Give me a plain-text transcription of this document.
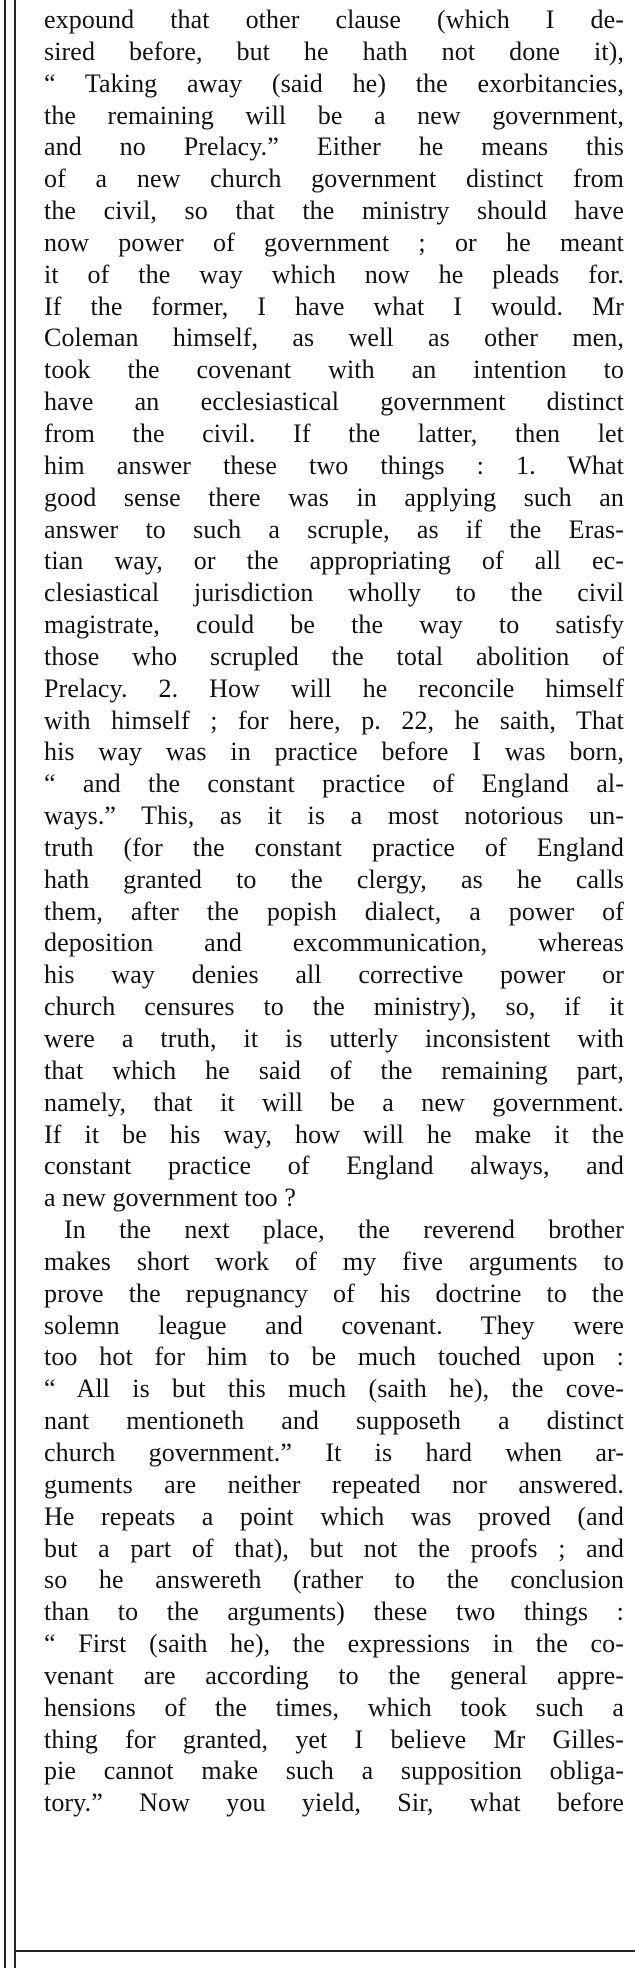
expound that other clause (which I de-
sired before, but he hath not done it),
“ Taking away (said he) the exorbitancies,
the remaining will be a new government,
and no Prelacy.” Either he means this
of a new church government distinct from
the civil, so that the ministry should have
now power of government ; or he meant
it of the way which now he pleads for.
If the former, I have what I would. Mr
Coleman himself, as well as other men,
took the covenant with an intention to
have an ecclesiastical government distinct
from the civil. If the latter, then let
him answer these two things : 1. What
good sense there was in applying such an
answer to such a scruple, as if the Eras-
tian way, or the appropriating of all ec-
clesiastical jurisdiction wholly to the civil
magistrate, could be the way to satisfy
those who scrupled the total abolition of
Prelacy. 2. How will he reconcile himself
with himself ; for here, p. 22, he saith, That
his way was in practice before I was born,
“ and the constant practice of England al-
ways.” This, as it is a most notorious un-
truth (for the constant practice of England
hath granted to the clergy, as he calls
them, after the popish dialect, a power of
deposition and excommunication, whereas
his way denies all corrective power or
church censures to the ministry), so, if it
were a truth, it is utterly inconsistent with
that which he said of the remaining part,
namely, that it will be a new government.
If it be his way, how will he make it the
constant practice of England always, and
a new government too ?
In the next place, the reverend brother
makes short work of my five arguments to
prove the repugnancy of his doctrine to the
solemn league and covenant. They were
too hot for him to be much touched upon :
“ All is but this much (saith he), the cove-
nant mentioneth and supposeth a distinct
church government.” It is hard when ar-
guments are neither repeated nor answered.
He repeats a point which was proved (and
but a part of that), but not the proofs ; and
so he answereth (rather to the conclusion
than to the arguments) these two things :
“ First (saith he), the expressions in the co-
venant are according to the general appre-
hensions of the times, which took such a
thing for granted, yet I believe Mr Gilles-
pie cannot make such a supposition obliga-
tory.” Now you yield, Sir, what before
